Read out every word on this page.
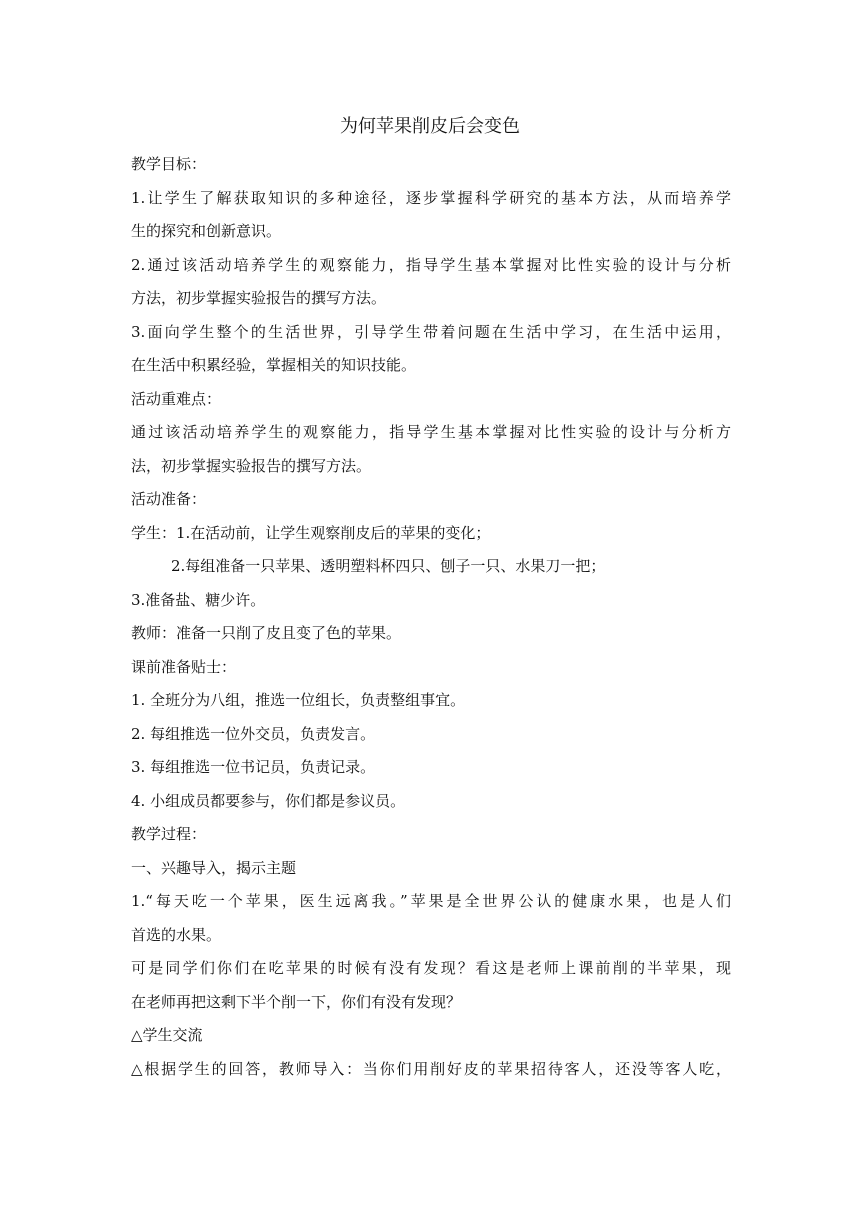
为何苹果削皮后会变色
教学目标：
1.让学生了解获取知识的多种途径，逐步掌握科学研究的基本方法，从而培养学
生的探究和创新意识。
2.通过该活动培养学生的观察能力，指导学生基本掌握对比性实验的设计与分析
方法，初步掌握实验报告的撰写方法。
3.面向学生整个的生活世界，引导学生带着问题在生活中学习，在生活中运用，
在生活中积累经验，掌握相关的知识技能。
活动重难点：
通过该活动培养学生的观察能力，指导学生基本掌握对比性实验的设计与分析方
法，初步掌握实验报告的撰写方法。
活动准备：
学生：1.在活动前，让学生观察削皮后的苹果的变化；
2.每组准备一只苹果、透明塑料杯四只、刨子一只、水果刀一把；
3.准备盐、糖少许。
教师：准备一只削了皮且变了色的苹果。
课前准备贴士：
1. 全班分为八组，推选一位组长，负责整组事宜。
2. 每组推选一位外交员，负责发言。
3. 每组推选一位书记员，负责记录。
4. 小组成员都要参与，你们都是参议员。
教学过程：
一、兴趣导入，揭示主题
1.“每天吃一个苹果，医生远离我。”苹果是全世界公认的健康水果，也是人们
首选的水果。
可是同学们你们在吃苹果的时候有没有发现？看这是老师上课前削的半苹果，现
在老师再把这剩下半个削一下，你们有没有发现？
△学生交流
△根据学生的回答，教师导入：当你们用削好皮的苹果招待客人，还没等客人吃，
